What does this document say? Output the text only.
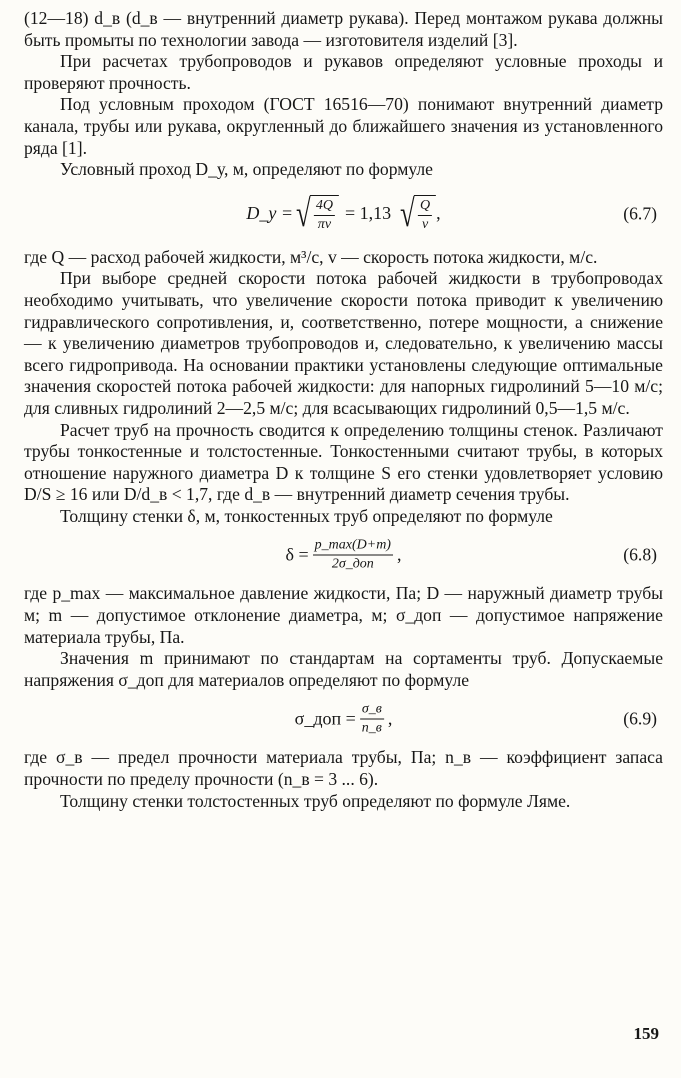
(12—18) d_в (d_в — внутренний диаметр рукава). Перед монтажом рукава должны быть промыты по технологии завода — изготовителя изделий [3].

При расчетах трубопроводов и рукавов определяют условные проходы и проверяют прочность.

Под условным проходом (ГОСТ 16516—70) понимают внутренний диаметр канала, трубы или рукава, округленный до ближайшего значения из установленного ряда [1].

Условный проход D_у, м, определяют по формуле

D_у = √ $\frac{4Q}{\pi v} = 1,13$ √ $\frac{Q}{v}$ ,	(6.7)

где Q — расход рабочей жидкости, м³/с, v — скорость потока жидкости, м/с.

При выборе средней скорости потока рабочей жидкости в трубопроводах необходимо учитывать, что увеличение скорости потока приводит к увеличению гидравлического сопротивления, и, соответственно, потере мощности, а снижение — к увеличению диаметров трубопроводов и, следовательно, к увеличению массы всего гидропривода. На основании практики установлены следующие оптимальные значения скоростей потока рабочей жидкости: для напорных гидролиний 5—10 м/с; для сливных гидролиний 2—2,5 м/с; для всасывающих гидролиний 0,5—1,5 м/с.

Расчет труб на прочность сводится к определению толщины стенок. Различают трубы тонкостенные и толстостенные. Тонкостенными считают трубы, в которых отношение наружного диаметра D к толщине S его стенки удовлетворяет условию D/S ≥ 16 или D/d_в < 1,7, где d_в — внутренний диаметр сечения трубы.

Толщину стенки δ, м, тонкостенных труб определяют по формуле

$\delta = \frac{p\_\max(D+m)}{\text{2σ\_доп}}$ ,	(6.8)

где p_max — максимальное давление жидкости, Па; D — наружный диаметр трубы м; m — допустимое отклонение диаметра, м; σ_доп — допустимое напряжение материала трубы, Па.

Значения m принимают по стандартам на сортаменты труб. Допускаемые напряжения σ_доп для материалов определяют по формуле

σ_доп = $\frac{\sigma\_в}{n\_в}$ ,	(6.9)

где σ_в — предел прочности материала трубы, Па; n_в — коэффициент запаса прочности по пределу прочности (n_в = 3 ... 6).

Толщину стенки толстостенных труб определяют по формуле Ляме.

159
